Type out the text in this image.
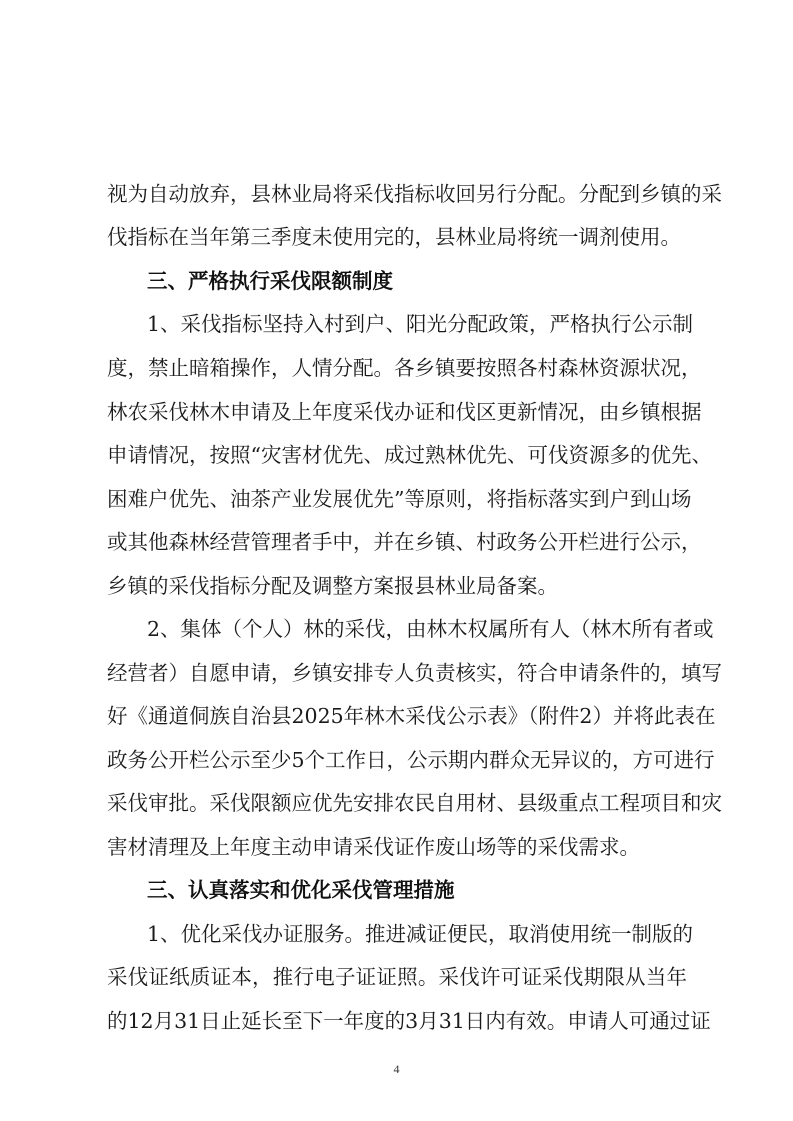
视为自动放弃，县林业局将采伐指标收回另行分配。分配到乡镇的采
伐指标在当年第三季度未使用完的，县林业局将统一调剂使用。
三、严格执行采伐限额制度
1、采伐指标坚持入村到户、阳光分配政策，严格执行公示制
度，禁止暗箱操作，人情分配。各乡镇要按照各村森林资源状况，
林农采伐林木申请及上年度采伐办证和伐区更新情况，由乡镇根据
申请情况，按照“灾害材优先、成过熟林优先、可伐资源多的优先、
困难户优先、油茶产业发展优先”等原则，将指标落实到户到山场
或其他森林经营管理者手中，并在乡镇、村政务公开栏进行公示，
乡镇的采伐指标分配及调整方案报县林业局备案。
2、集体（个人）林的采伐，由林木权属所有人（林木所有者或
经营者）自愿申请，乡镇安排专人负责核实，符合申请条件的，填写
好《通道侗族自治县2025年林木采伐公示表》（附件2）并将此表在
政务公开栏公示至少5个工作日，公示期内群众无异议的，方可进行
采伐审批。采伐限额应优先安排农民自用材、县级重点工程项目和灾
害材清理及上年度主动申请采伐证作废山场等的采伐需求。
三、认真落实和优化采伐管理措施
1、优化采伐办证服务。推进减证便民，取消使用统一制版的
采伐证纸质证本，推行电子证证照。采伐许可证采伐期限从当年
的12月31日止延长至下一年度的3月31日内有效。申请人可通过证
4
